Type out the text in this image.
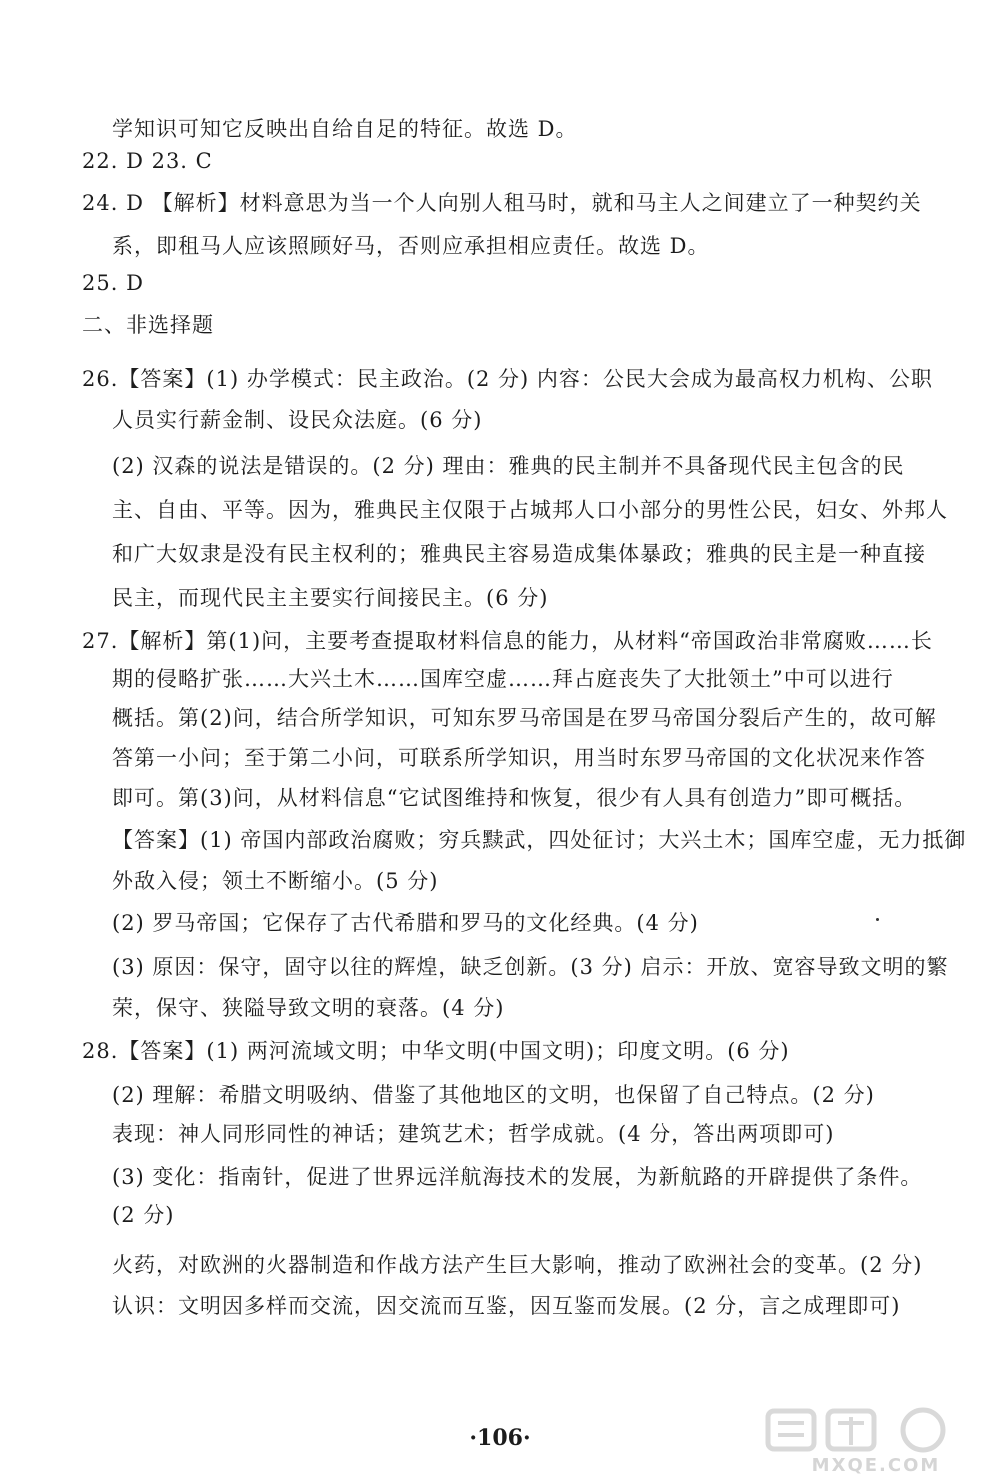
学知识可知它反映出自给自足的特征。故选 D。
22. D 23. C
24. D 【解析】材料意思为当一个人向别人租马时，就和马主人之间建立了一种契约关
系，即租马人应该照顾好马，否则应承担相应责任。故选 D。
25. D
二、非选择题
26.【答案】(1) 办学模式：民主政治。(2 分) 内容：公民大会成为最高权力机构、公职
人员实行薪金制、设民众法庭。(6 分)
(2) 汉森的说法是错误的。(2 分) 理由：雅典的民主制并不具备现代民主包含的民
主、自由、平等。因为，雅典民主仅限于占城邦人口小部分的男性公民，妇女、外邦人
和广大奴隶是没有民主权利的；雅典民主容易造成集体暴政；雅典的民主是一种直接
民主，而现代民主主要实行间接民主。(6 分)
27.【解析】第(1)问，主要考查提取材料信息的能力，从材料“帝国政治非常腐败……长
期的侵略扩张……大兴土木……国库空虚……拜占庭丧失了大批领土”中可以进行
概括。第(2)问，结合所学知识，可知东罗马帝国是在罗马帝国分裂后产生的，故可解
答第一小问；至于第二小问，可联系所学知识，用当时东罗马帝国的文化状况来作答
即可。第(3)问，从材料信息“它试图维持和恢复，很少有人具有创造力”即可概括。
【答案】(1) 帝国内部政治腐败；穷兵黩武，四处征讨；大兴土木；国库空虚，无力抵御
外敌入侵；领土不断缩小。(5 分)
(2) 罗马帝国；它保存了古代希腊和罗马的文化经典。(4 分)
(3) 原因：保守，固守以往的辉煌，缺乏创新。(3 分) 启示：开放、宽容导致文明的繁
荣，保守、狭隘导致文明的衰落。(4 分)
28.【答案】(1) 两河流域文明；中华文明(中国文明)；印度文明。(6 分)
(2) 理解：希腊文明吸纳、借鉴了其他地区的文明，也保留了自己特点。(2 分)
表现：神人同形同性的神话；建筑艺术；哲学成就。(4 分，答出两项即可)
(3) 变化：指南针，促进了世界远洋航海技术的发展，为新航路的开辟提供了条件。
(2 分)
火药，对欧洲的火器制造和作战方法产生巨大影响，推动了欧洲社会的变革。(2 分)
认识：文明因多样而交流，因交流而互鉴，因互鉴而发展。(2 分，言之成理即可)
·106·
MXQE.COM
